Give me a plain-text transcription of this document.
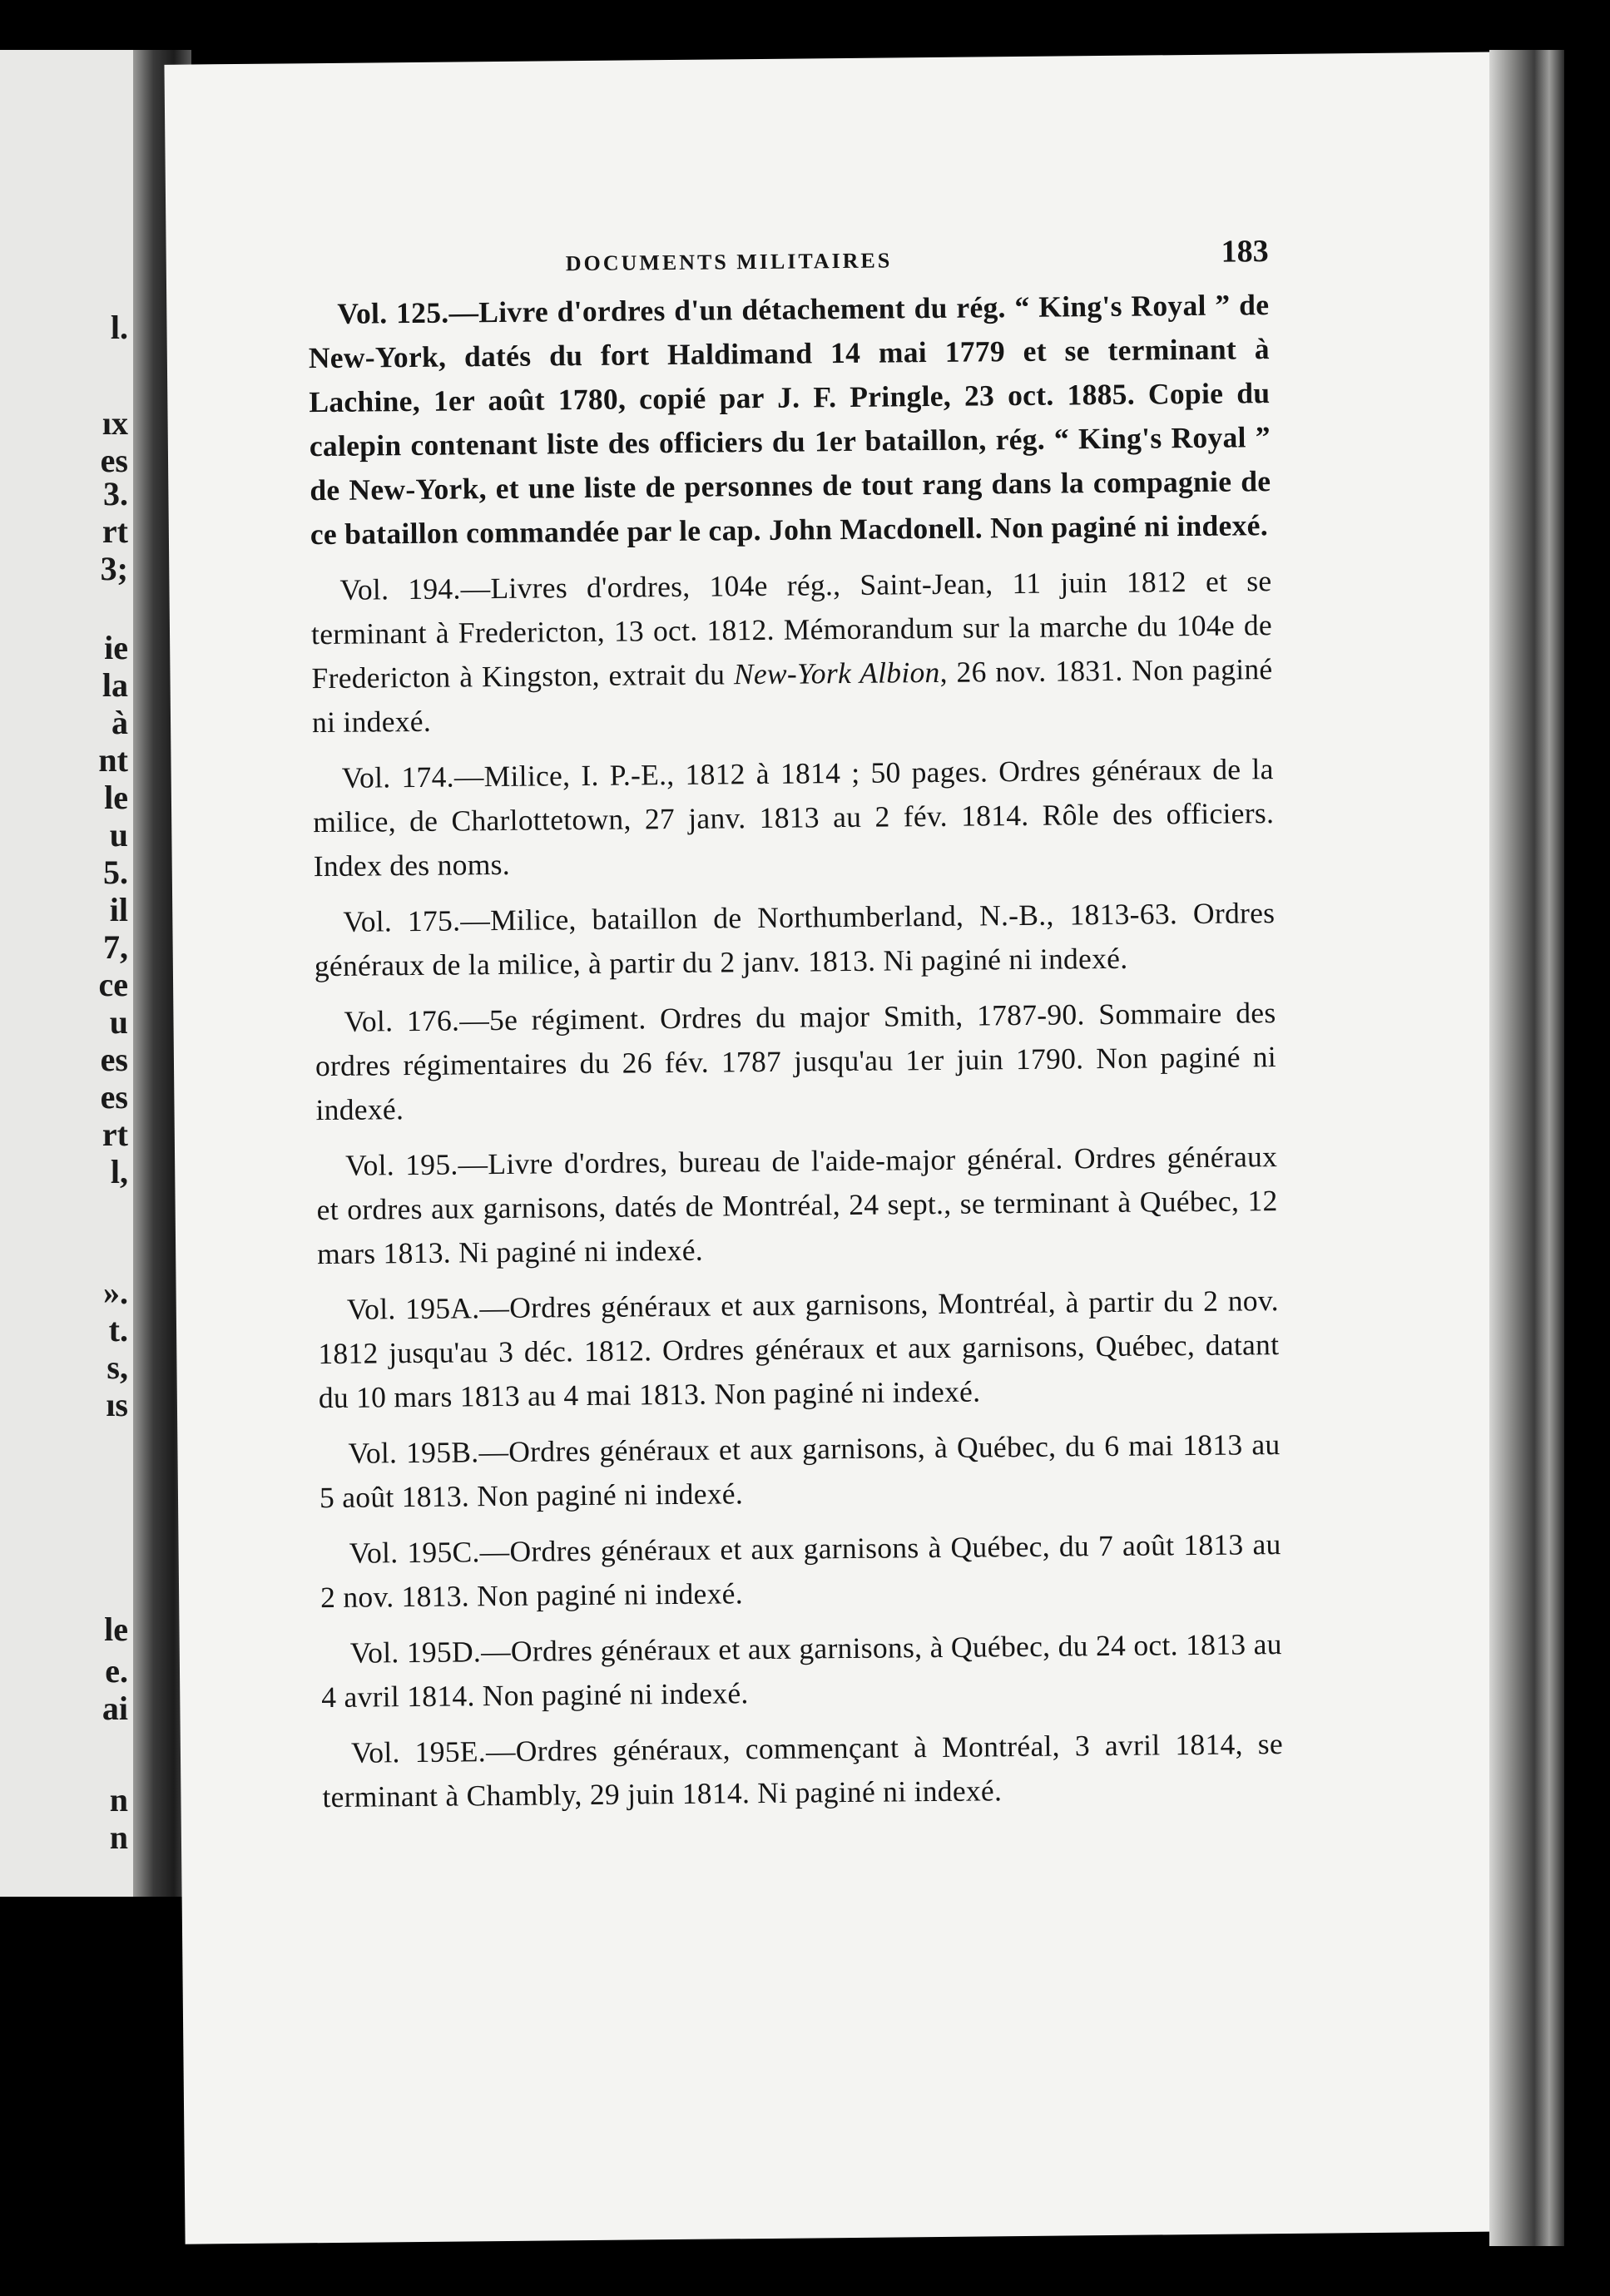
l.
ıx
es
3.
rt
3;
ie
la
à
nt
le
u
5.
il
7,
ce
u
es
es
rt
l,
».
t.
s,
ıs
le
e.
ai
n
n
DOCUMENTS MILITAIRES	183

Vol. 125.—Livre d'ordres d'un détachement du rég. “ King's Royal ” de New-York, datés du fort Haldimand 14 mai 1779 et se terminant à Lachine, 1er août 1780, copié par J. F. Pringle, 23 oct. 1885. Copie du calepin contenant liste des officiers du 1er bataillon, rég. “ King's Royal ” de New-York, et une liste de personnes de tout rang dans la compagnie de ce bataillon commandée par le cap. John Macdonell. Non paginé ni indexé.

Vol. 194.—Livres d'ordres, 104e rég., Saint-Jean, 11 juin 1812 et se terminant à Fredericton, 13 oct. 1812. Mémorandum sur la marche du 104e de Fredericton à Kingston, extrait du New-York Albion, 26 nov. 1831. Non paginé ni indexé.

Vol. 174.—Milice, I. P.-E., 1812 à 1814 ; 50 pages. Ordres généraux de la milice, de Charlottetown, 27 janv. 1813 au 2 fév. 1814. Rôle des officiers. Index des noms.

Vol. 175.—Milice, bataillon de Northumberland, N.-B., 1813-63. Ordres généraux de la milice, à partir du 2 janv. 1813. Ni paginé ni indexé.

Vol. 176.—5e régiment. Ordres du major Smith, 1787-90. Sommaire des ordres régimentaires du 26 fév. 1787 jusqu'au 1er juin 1790. Non paginé ni indexé.

Vol. 195.—Livre d'ordres, bureau de l'aide-major général. Ordres généraux et ordres aux garnisons, datés de Montréal, 24 sept., se terminant à Québec, 12 mars 1813. Ni paginé ni indexé.

Vol. 195A.—Ordres généraux et aux garnisons, Montréal, à partir du 2 nov. 1812 jusqu'au 3 déc. 1812. Ordres généraux et aux garnisons, Québec, datant du 10 mars 1813 au 4 mai 1813. Non paginé ni indexé.

Vol. 195B.—Ordres généraux et aux garnisons, à Québec, du 6 mai 1813 au 5 août 1813. Non paginé ni indexé.

Vol. 195C.—Ordres généraux et aux garnisons à Québec, du 7 août 1813 au 2 nov. 1813. Non paginé ni indexé.

Vol. 195D.—Ordres généraux et aux garnisons, à Québec, du 24 oct. 1813 au 4 avril 1814. Non paginé ni indexé.

Vol. 195E.—Ordres généraux, commençant à Montréal, 3 avril 1814, se terminant à Chambly, 29 juin 1814. Ni paginé ni indexé.
